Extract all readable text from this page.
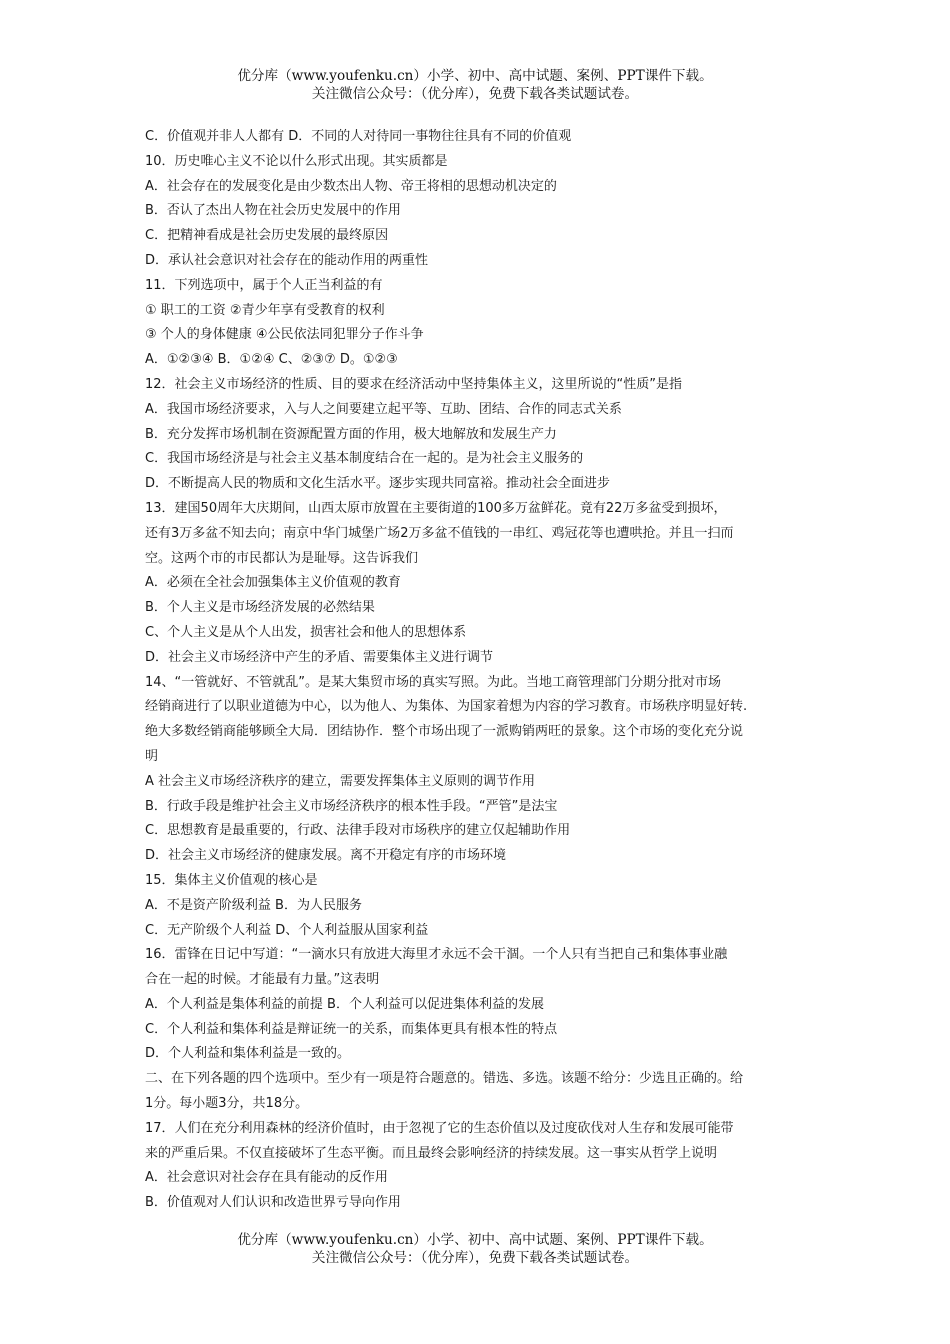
优分库（www.youfenku.cn）小学、初中、高中试题、案例、PPT课件下载。
关注微信公众号：（优分库），免费下载各类试题试卷。
C．价值观并非人人都有 D．不同的人对待同一事物往往具有不同的价值观
10．历史唯心主义不论以什么形式出现。其实质都是
A．社会存在的发展变化是由少数杰出人物、帝王将相的思想动机决定的
B．否认了杰出人物在社会历史发展中的作用
C．把精神看成是社会历史发展的最终原因
D．承认社会意识对社会存在的能动作用的两重性
11．下列选项中，属于个人正当利益的有
① 职工的工资 ②青少年享有受教育的权利
③ 个人的身体健康 ④公民依法同犯罪分子作斗争
A．①②③④ B．①②④ C、②③⑦ D。①②③
12．社会主义市场经济的性质、目的要求在经济活动中坚持集体主义，这里所说的“性质”是指
A．我国市场经济要求，入与人之间要建立起平等、互助、团结、合作的同志式关系
B．充分发挥市场机制在资源配置方面的作用，极大地解放和发展生产力
C．我国市场经济是与社会主义基本制度结合在一起的。是为社会主义服务的
D．不断提高人民的物质和文化生活水平。逐步实现共同富裕。推动社会全面进步
13．建国50周年大庆期间，山西太原市放置在主要街道的100多万盆鲜花。竟有22万多盆受到损坏，
还有3万多盆不知去向；南京中华门城堡广场2万多盆不值钱的一串红、鸡冠花等也遭哄抢。并且一扫而
空。这两个市的市民都认为是耻辱。这告诉我们
A．必须在全社会加强集体主义价值观的教育
B．个人主义是市场经济发展的必然结果
C、个人主义是从个人出发，损害社会和他人的思想体系
D．社会主义市场经济中产生的矛盾、需要集体主义进行调节
14、“一管就好、不管就乱”。是某大集贸市场的真实写照。为此。当地工商管理部门分期分批对市场
经销商进行了以职业道德为中心，以为他人、为集体、为国家着想为内容的学习教育。市场秩序明显好转.
绝大多数经销商能够顾全大局．团结协作．整个市场出现了一派购销两旺的景象。这个市场的变化充分说
明
A 社会主义市场经济秩序的建立，需要发挥集体主义原则的调节作用
B．行政手段是维护社会主义市场经济秩序的根本性手段。“严管”是法宝
C．思想教育是最重要的，行政、法律手段对市场秩序的建立仅起辅助作用
D．社会主义市场经济的健康发展。离不开稳定有序的市场环境
15．集体主义价值观的核心是
A．不是资产阶级利益 B．为人民服务
C．无产阶级个人利益 D、个人利益服从国家利益
16．雷锋在日记中写道：“一滴水只有放进大海里才永远不会干涸。一个人只有当把自己和集体事业融
合在一起的时候。才能最有力量。”这表明
A．个人利益是集体利益的前提 B．个人利益可以促进集体利益的发展
C．个人利益和集体利益是辩证统一的关系，而集体更具有根本性的特点
D．个人利益和集体利益是一致的。
二、在下列各题的四个选项中。至少有一项是符合题意的。错选、多选。该题不给分：少选且正确的。给
1分。每小题3分，共18分。
17．人们在充分利用森林的经济价值时，由于忽视了它的生态价值以及过度砍伐对人生存和发展可能带
来的严重后果。不仅直接破坏了生态平衡。而且最终会影响经济的持续发展。这一事实从哲学上说明
A．社会意识对社会存在具有能动的反作用
B．价值观对人们认识和改造世界亏导向作用
优分库（www.youfenku.cn）小学、初中、高中试题、案例、PPT课件下载。
关注微信公众号：（优分库），免费下载各类试题试卷。
